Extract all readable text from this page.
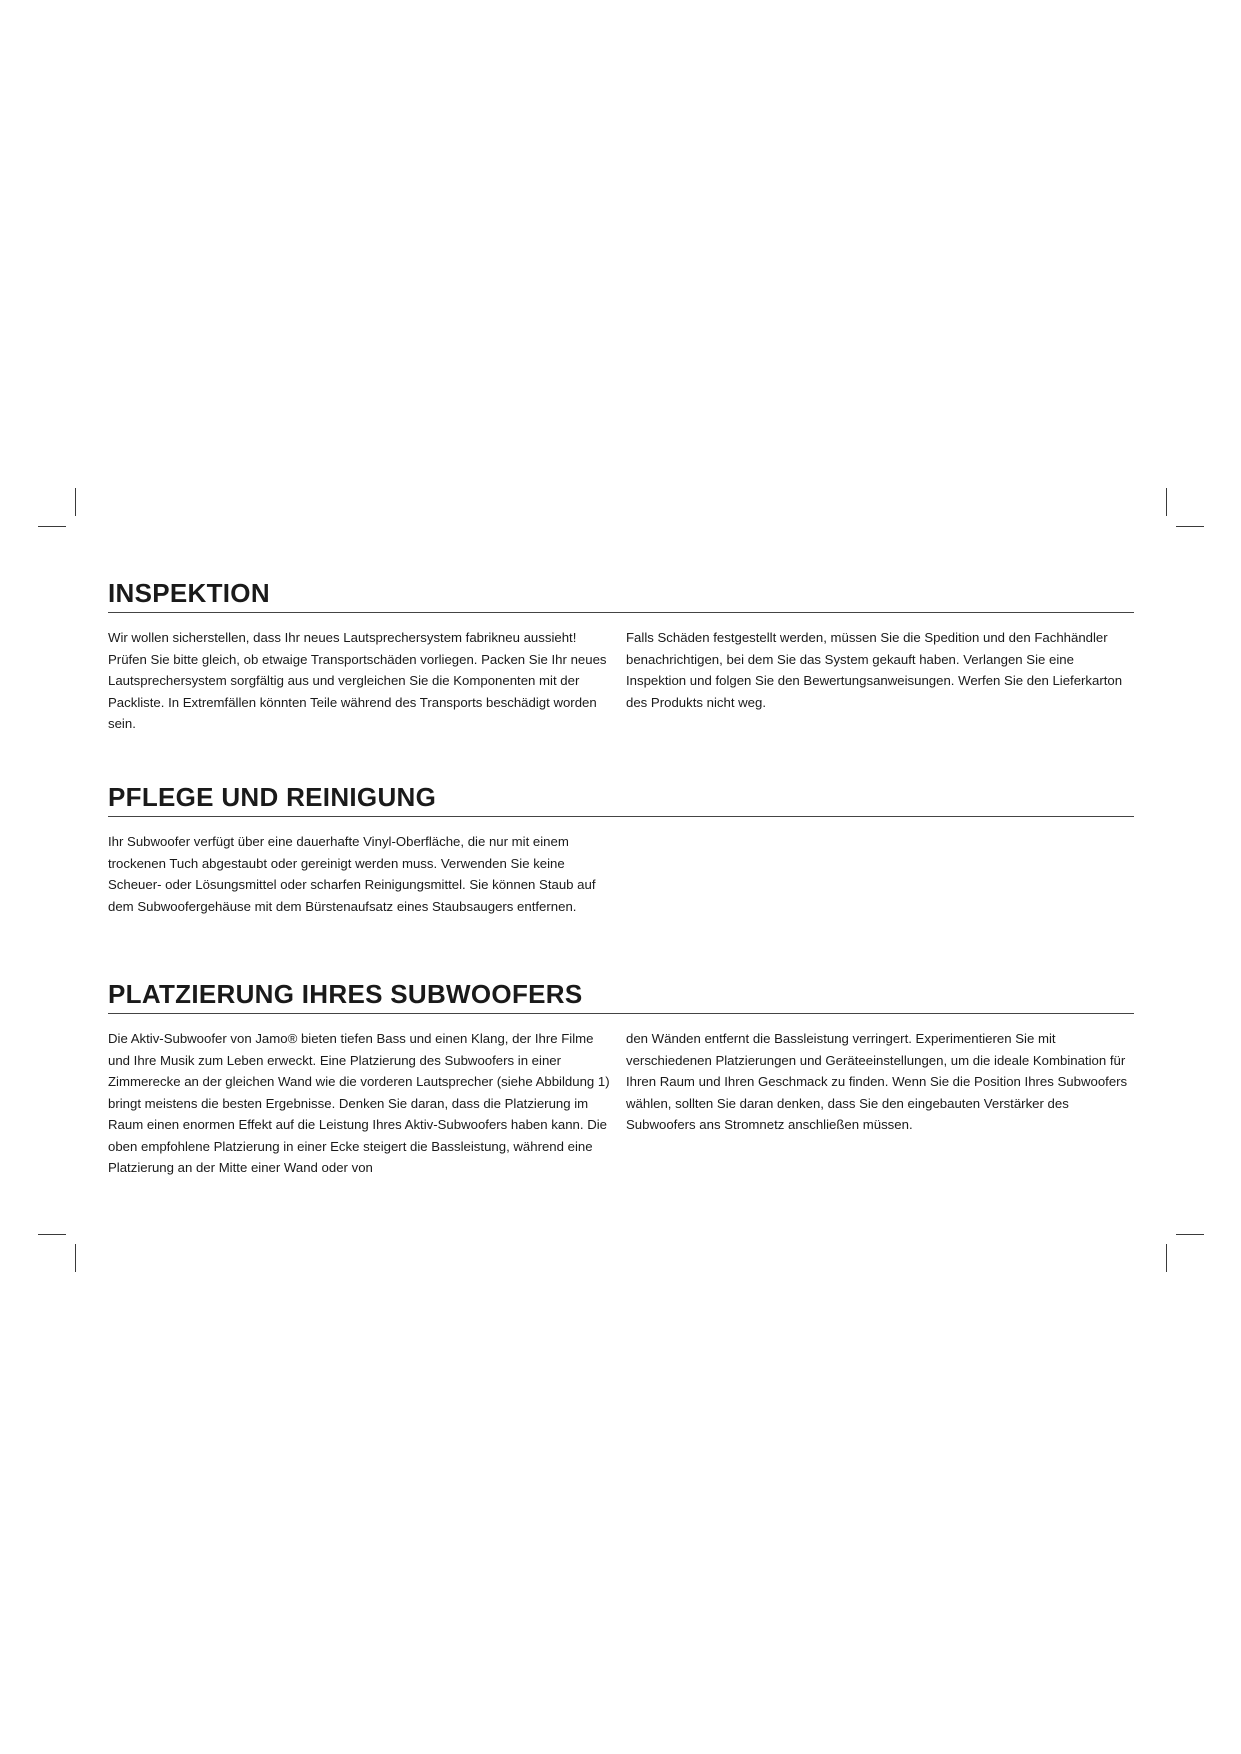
INSPEKTION

Wir wollen sicherstellen, dass Ihr neues Lautsprechersystem fabrikneu aussieht! Prüfen Sie bitte gleich, ob etwaige Transportschäden vorliegen. Packen Sie Ihr neues Lautsprechersystem sorgfältig aus und vergleichen Sie die Komponenten mit der Packliste. In Extremfällen könnten Teile während des Transports beschädigt worden sein.

Falls Schäden festgestellt werden, müssen Sie die Spedition und den Fachhändler benachrichtigen, bei dem Sie das System gekauft haben. Verlangen Sie eine Inspektion und folgen Sie den Bewertungsanweisungen. Werfen Sie den Lieferkarton des Produkts nicht weg.

PFLEGE UND REINIGUNG

Ihr Subwoofer verfügt über eine dauerhafte Vinyl-Oberfläche, die nur mit einem trockenen Tuch abgestaubt oder gereinigt werden muss. Verwenden Sie keine Scheuer- oder Lösungsmittel oder scharfen Reinigungsmittel. Sie können Staub auf dem Subwoofergehäuse mit dem Bürstenaufsatz eines Staubsaugers entfernen.

PLATZIERUNG IHRES SUBWOOFERS

Die Aktiv-Subwoofer von Jamo® bieten tiefen Bass und einen Klang, der Ihre Filme und Ihre Musik zum Leben erweckt. Eine Platzierung des Subwoofers in einer Zimmerecke an der gleichen Wand wie die vorderen Lautsprecher (siehe Abbildung 1) bringt meistens die besten Ergebnisse. Denken Sie daran, dass die Platzierung im Raum einen enormen Effekt auf die Leistung Ihres Aktiv-Subwoofers haben kann. Die oben empfohlene Platzierung in einer Ecke steigert die Bassleistung, während eine Platzierung an der Mitte einer Wand oder von

den Wänden entfernt die Bassleistung verringert. Experimentieren Sie mit verschiedenen Platzierungen und Geräteeinstellungen, um die ideale Kombination für Ihren Raum und Ihren Geschmack zu finden. Wenn Sie die Position Ihres Subwoofers wählen, sollten Sie daran denken, dass Sie den eingebauten Verstärker des Subwoofers ans Stromnetz anschließen müssen.
